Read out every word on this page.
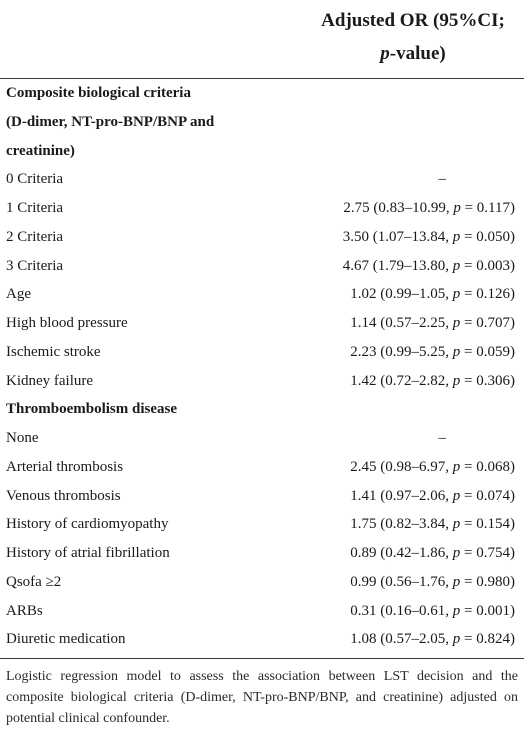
Adjusted OR (95%CI;
p-value)
Composite biological criteria
(D-dimer, NT-pro-BNP/BNP and
creatinine)
0 Criteria	–
1 Criteria	2.75 (0.83–10.99, p = 0.117)
2 Criteria	3.50 (1.07–13.84, p = 0.050)
3 Criteria	4.67 (1.79–13.80, p = 0.003)
Age	1.02 (0.99–1.05, p = 0.126)
High blood pressure	1.14 (0.57–2.25, p = 0.707)
Ischemic stroke	2.23 (0.99–5.25, p = 0.059)
Kidney failure	1.42 (0.72–2.82, p = 0.306)
Thromboembolism disease
None	–
Arterial thrombosis	2.45 (0.98–6.97, p = 0.068)
Venous thrombosis	1.41 (0.97–2.06, p = 0.074)
History of cardiomyopathy	1.75 (0.82–3.84, p = 0.154)
History of atrial fibrillation	0.89 (0.42–1.86, p = 0.754)
Qsofa ≥2	0.99 (0.56–1.76, p = 0.980)
ARBs	0.31 (0.16–0.61, p = 0.001)
Diuretic medication	1.08 (0.57–2.05, p = 0.824)
Logistic regression model to assess the association between LST decision and the composite biological criteria (D-dimer, NT-pro-BNP/BNP, and creatinine) adjusted on potential clinical confounder.
